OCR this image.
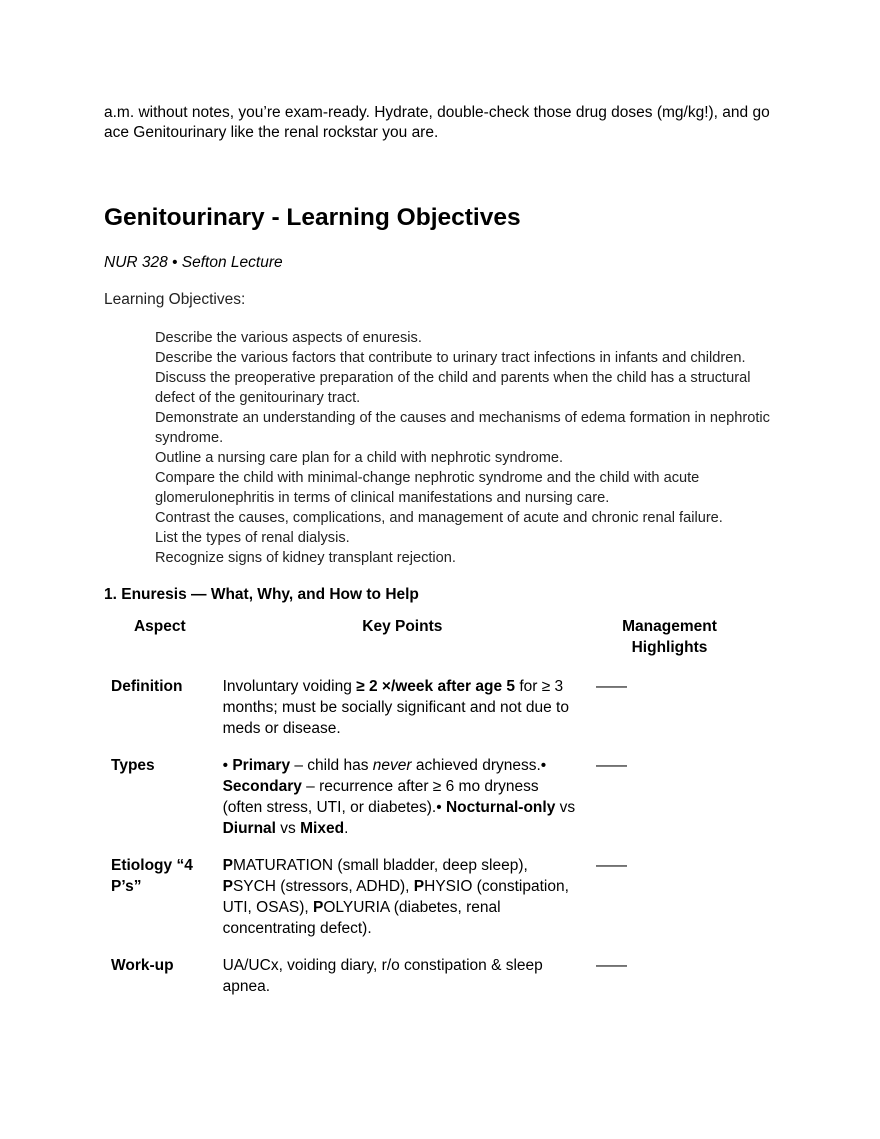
a.m. without notes, you’re exam-ready. Hydrate, double-check those drug doses (mg/kg!), and go ace Genitourinary like the renal rockstar you are.
Genitourinary - Learning Objectives
NUR 328 • Sefton Lecture
Learning Objectives:
Describe the various aspects of enuresis.
Describe the various factors that contribute to urinary tract infections in infants and children.
Discuss the preoperative preparation of the child and parents when the child has a structural defect of the genitourinary tract.
Demonstrate an understanding of the causes and mechanisms of edema formation in nephrotic syndrome.
Outline a nursing care plan for a child with nephrotic syndrome.
Compare the child with minimal-change nephrotic syndrome and the child with acute glomerulonephritis in terms of clinical manifestations and nursing care.
Contrast the causes, complications, and management of acute and chronic renal failure.
List the types of renal dialysis.
Recognize signs of kidney transplant rejection.
1. Enuresis — What, Why, and How to Help
Aspect	Key Points	Management Highlights
Definition	Involuntary voiding ≥ 2 ×/week after age 5 for ≥ 3 months; must be socially significant and not due to meds or disease.	——
Types	• Primary – child has never achieved dryness.• Secondary – recurrence after ≥ 6 mo dryness (often stress, UTI, or diabetes).• Nocturnal-only vs Diurnal vs Mixed.	——
Etiology “4 P’s”	PMATURATION (small bladder, deep sleep), PSYCH (stressors, ADHD), PHYSIO (constipation, UTI, OSAS), POLYURIA (diabetes, renal concentrating defect).	——
Work-up	UA/UCx, voiding diary, r/o constipation & sleep apnea.	——
